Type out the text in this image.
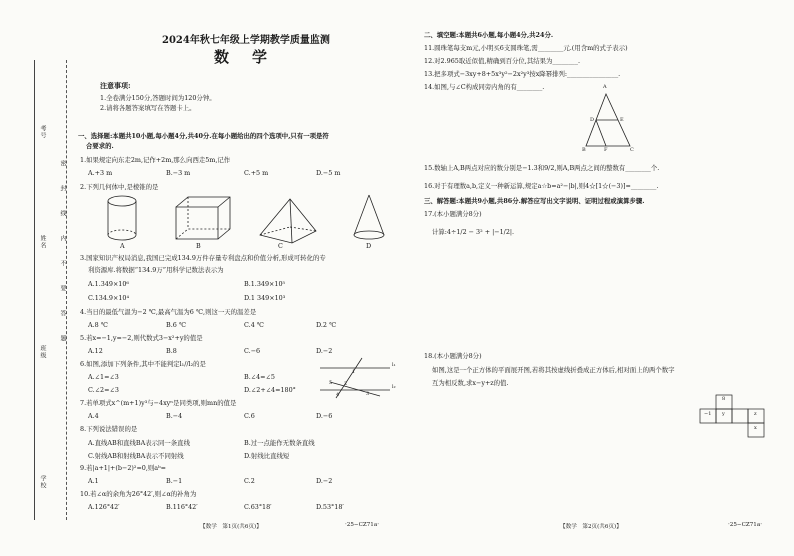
考号
姓名
班级
学校
密
封
线
内
不
要
答
题
2024年秋七年级上学期教学质量监测
数　学
注意事项:
1.全卷满分150分,答题时间为120分钟。
2.请将各题答案填写在答题卡上。
一、选择题:本题共10小题,每小题4分,共40分.在每小题给出的四个选项中,只有一项是符
合要求的.
1.如果规定向东走2m,记作+2m,那么向西走5m,记作
A.+3 m	B.−3 m	C.+5 m	D.−5 m
2.下列几何体中,是棱锥的是
A	B	C	D
3.国家知识产权局消息,我国已完成134.9万件存量专利盘点和价值分析,形成可转化的专
利资源库.将数据“134.9万”用科学记数法表示为
A.1.349×10⁶	B.1.349×10⁵
C.134.9×10⁴	D.1 349×10³
4.当日的最低气温为−2 ℃,最高气温为6 ℃,则这一天的温差是
A.8 ℃	B.6 ℃	C.4 ℃	D.2 ℃
5.若x=−1,y=−2,则代数式3−x²+y的值是
A.12	B.8	C.−6	D.−2
6.如图,添加下列条件,其中不能判定l₁//l₂的是
A.∠1=∠3	B.∠4=∠5
C.∠2=∠3	D.∠2+∠4=180°
l₁
l₂
1
2
3
4
5
7.若单项式x^(m+1)y³与−4xyⁿ是同类项,则mn的值是
A.4	B.−4	C.6	D.−6
8.下列说法错误的是
A.直线AB和直线BA表示同一条直线	B.过一点能作无数条直线
C.射线AB和射线BA表示不同射线	D.射线比直线短
9.若|a+1|+(b−2)²=0,则aᵇ=
A.1	B.−1	C.2	D.−2
10.若∠α的余角为26°42′,则∠α的补角为
A.126°42′	B.116°42′	C.63°18′	D.53°18′
【数学　第1页(共6页)】	·25−CZ71a·
二、填空题:本题共6小题,每小题4分,共24分.
11.圆珠笔每支m元,小明买6支圆珠笔,需________元.(用含m的式子表示)
12.对2.965取近似值,精确到百分位,其结果为________.
13.把多项式−3xy+8+5x³y²−2x²y³按x降幂排列:________________.
14.如图,与∠C构成同旁内角的有________.	A
D	E
B	F	C
15.数轴上A,B两点对应的数分别是−1.3和9/2,则A,B两点之间的整数有________个.
16.对于有理数a,b,定义一种新运算,规定a☆b=a²−|b|,则4☆[1☆(−3)]=________.
三、解答题:本题共9小题,共86分.解答应写出文字说明、证明过程或演算步骤.
17.(本小题满分8分)
计算:4÷1/2 − 3² + |−1/2|.
18.(本小题满分8分)
如图,这是一个正方体的平面展开图,若将其按虚线折叠成正方体后,相对面上的两个数字
互为相反数,求x−y+z的值.
8
−1 y	z
x
【数学　第2页(共6页)】	·25−CZ71a·
